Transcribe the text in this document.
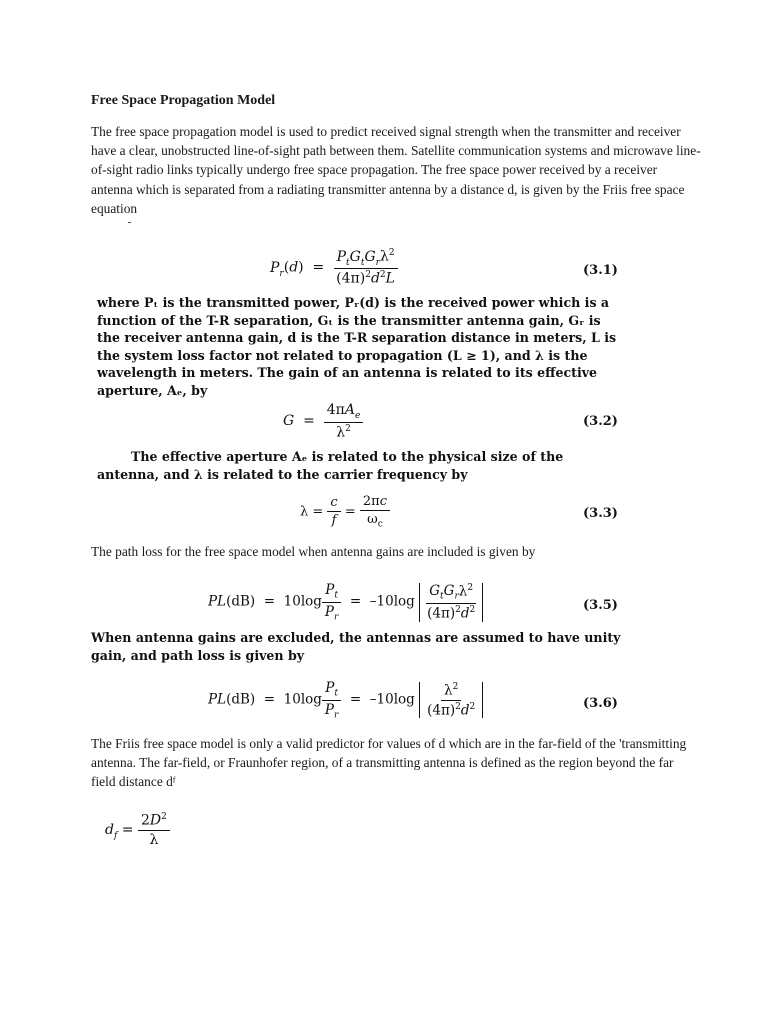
Free Space Propagation Model
The free space propagation model is used to predict received signal strength when the transmitter and receiver have a clear, unobstructed line-of-sight path between them. Satellite communication systems and microwave line-of-sight radio links typically undergo free space propagation. The free space power received by a receiver antenna which is separated from a radiating transmitter antenna by a distance d, is given by the Friis free space equation
$P_r(d) = \frac{P_tG_tG_r\lambda^2}{(4\pi)^2d^2L}$	(3.1)
where Pₜ is the transmitted power, Pᵣ(d) is the received power which is a function of the T-R separation, Gₜ is the transmitter antenna gain, Gᵣ is the receiver antenna gain, d is the T-R separation distance in meters, L is the system loss factor not related to propagation (L ≥ 1), and λ is the wavelength in meters. The gain of an antenna is related to its effective aperture, Aₑ, by
$G = \frac{4\pi A_e}{\lambda^2}$	(3.2)
The effective aperture Aₑ is related to the physical size of the antenna, and λ is related to the carrier frequency by
$\lambda = \frac{c}{f} = \frac{2\pi c}{\omega_c}$	(3.3)
The path loss for the free space model when antenna gains are included is given by
$PL(dB) = 10\log \frac{P_t}{P_r} = -10\log \frac{G_tG_r\lambda^2}{(4\pi)^2d^2}$	(3.5)
When antenna gains are excluded, the antennas are assumed to have unity gain, and path loss is given by
$PL(dB) = 10\log \frac{P_t}{P_r} = -10\log \frac{\lambda^2}{(4\pi)^2d^2}$	(3.6)
The Friis free space model is only a valid predictor for values of d which are in the far-field of the 'transmitting antenna. The far-field, or Fraunhofer region, of a transmitting antenna is defined as the region beyond the far field distance dᶠ
$d_f = \frac{2D^2}{\lambda}$
